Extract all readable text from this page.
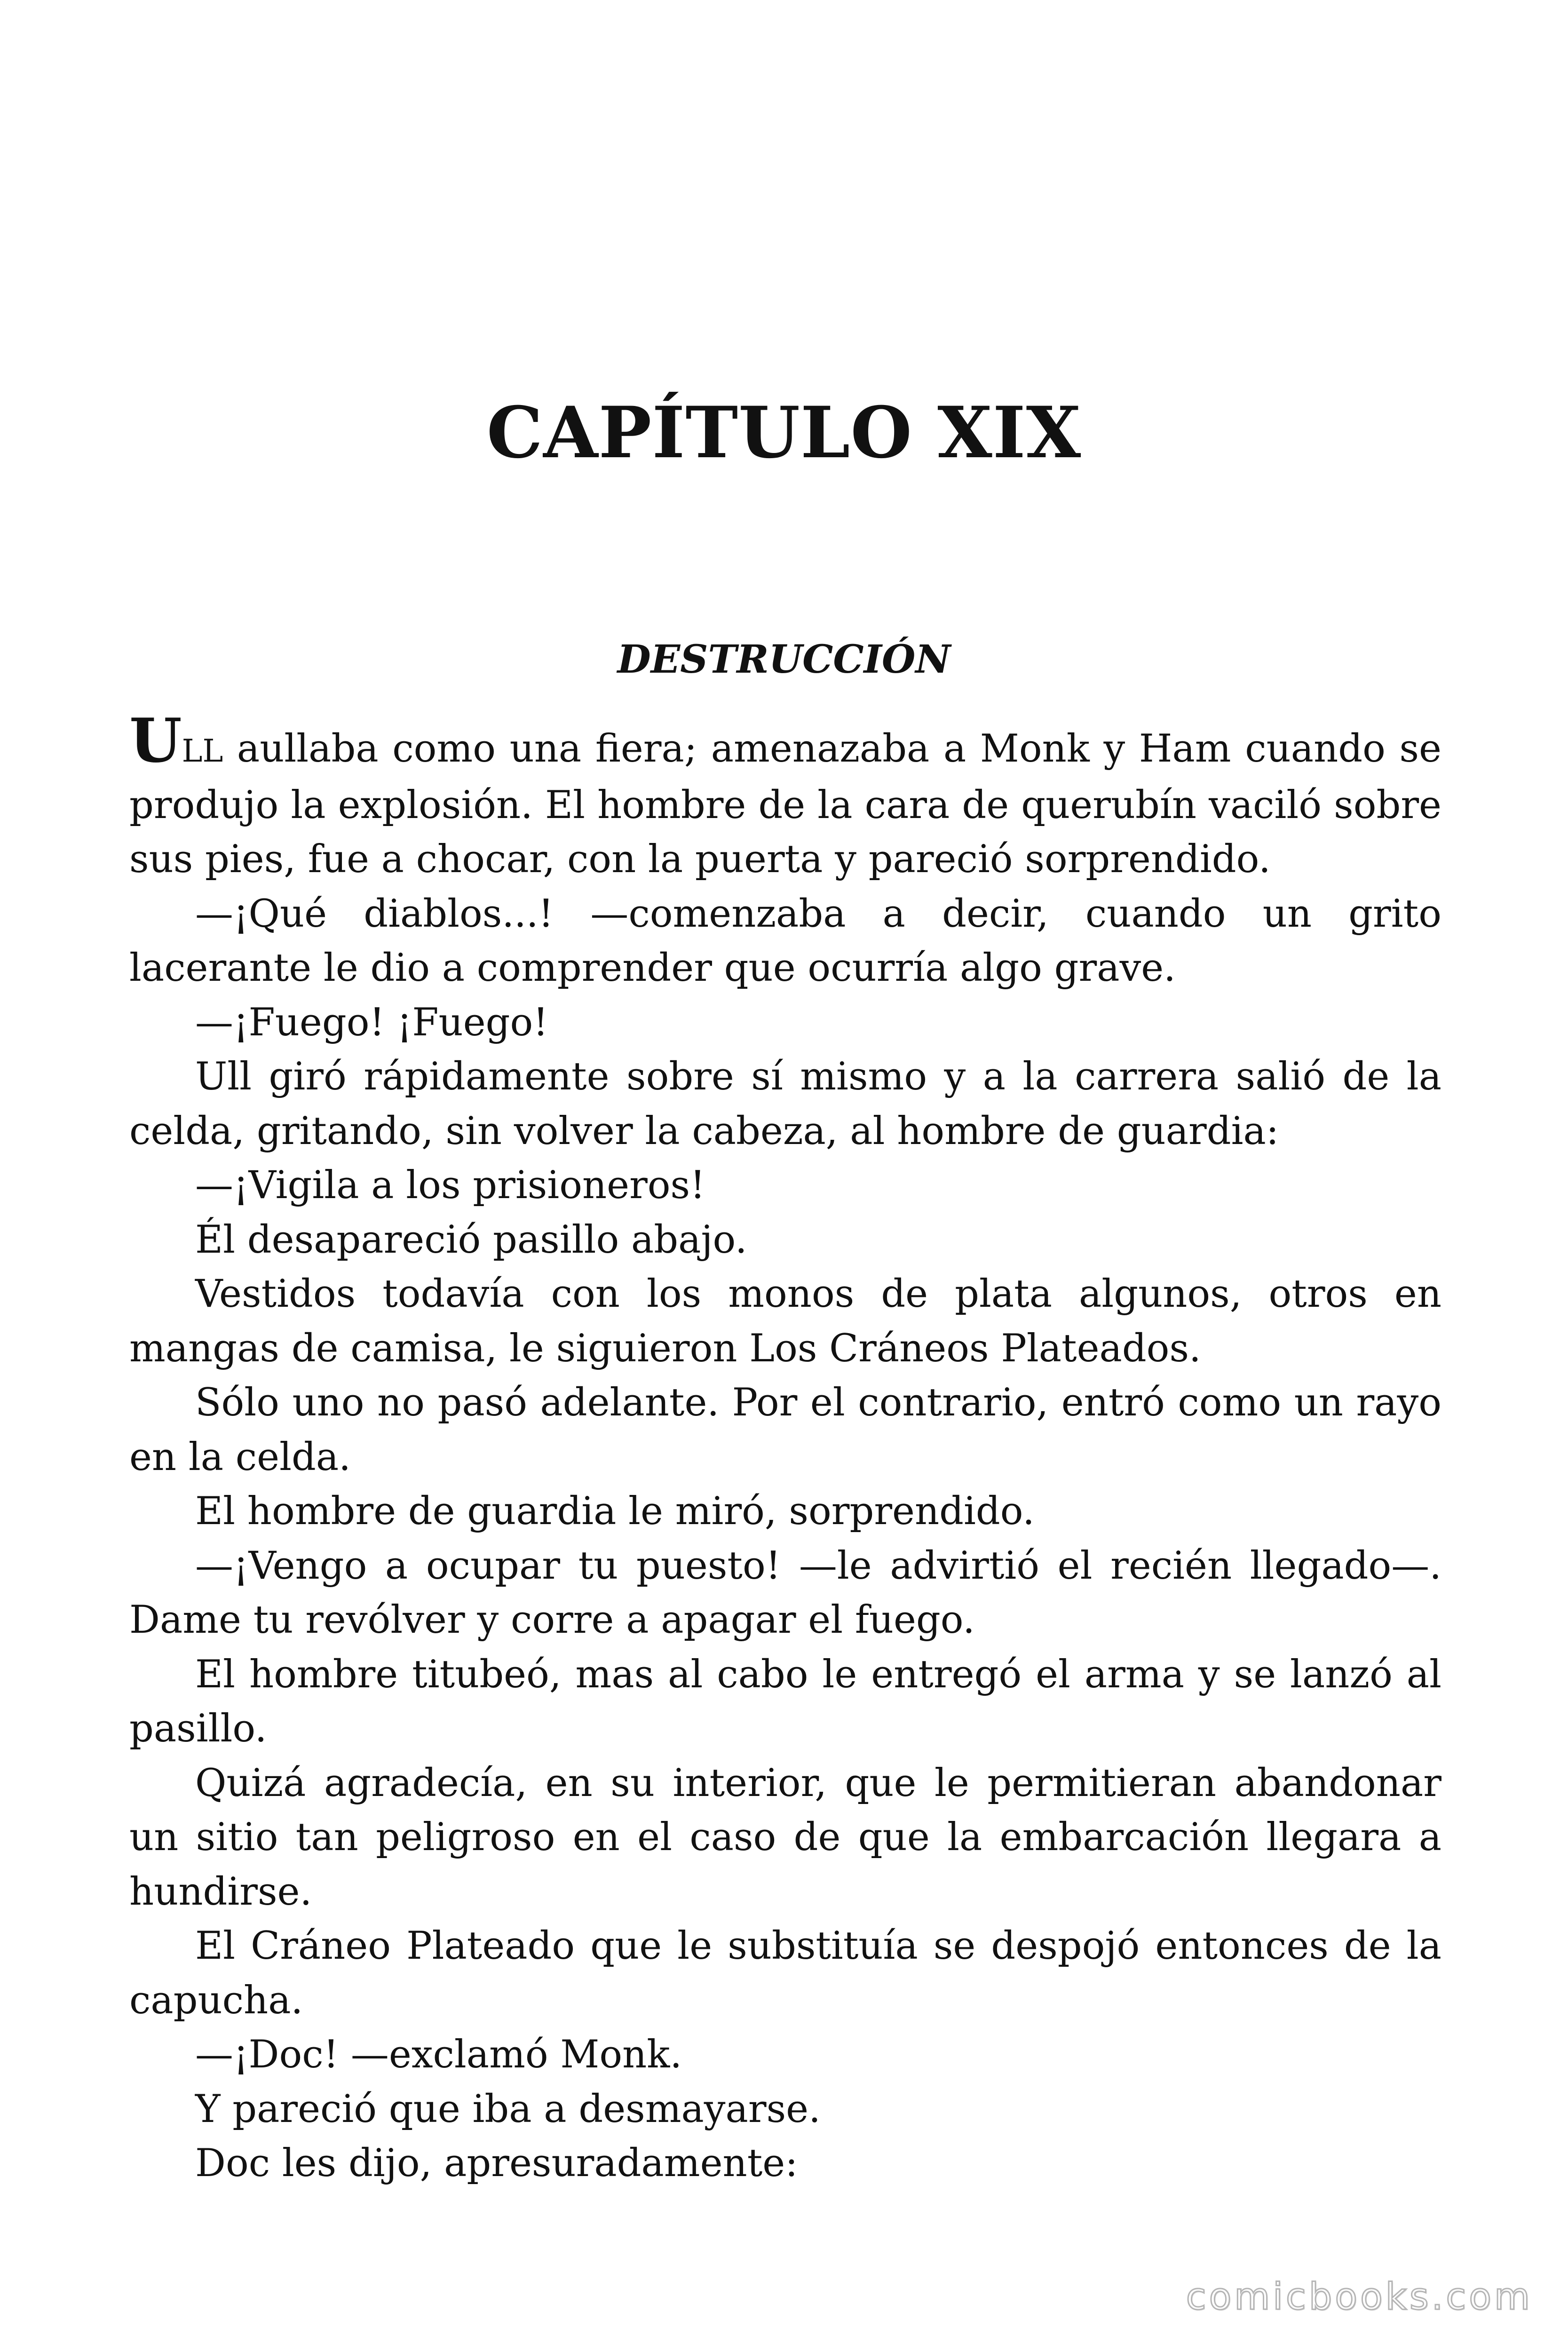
CAPÍTULO XIX
DESTRUCCIÓN

ULL aullaba como una fiera; amenazaba a Monk y Ham cuando se produjo la explosión. El hombre de la cara de querubín vaciló sobre sus pies, fue a chocar, con la puerta y pareció sorprendido.

—¡Qué diablos...! —comenzaba a decir, cuando un grito lacerante le dio a comprender que ocurría algo grave.

—¡Fuego! ¡Fuego!

Ull giró rápidamente sobre sí mismo y a la carrera salió de la celda, gritando, sin volver la cabeza, al hombre de guardia:

—¡Vigila a los prisioneros!

Él desapareció pasillo abajo.

Vestidos todavía con los monos de plata algunos, otros en mangas de camisa, le siguieron Los Cráneos Plateados.

Sólo uno no pasó adelante. Por el contrario, entró como un rayo en la celda.

El hombre de guardia le miró, sorprendido.

—¡Vengo a ocupar tu puesto! —le advirtió el recién llegado—. Dame tu revólver y corre a apagar el fuego.

El hombre titubeó, mas al cabo le entregó el arma y se lanzó al pasillo.

Quizá agradecía, en su interior, que le permitieran abandonar un sitio tan peligroso en el caso de que la embarcación llegara a hundirse.

El Cráneo Plateado que le substituía se despojó entonces de la capucha.

—¡Doc! —exclamó Monk.

Y pareció que iba a desmayarse.

Doc les dijo, apresuradamente:

comicbooks.com
